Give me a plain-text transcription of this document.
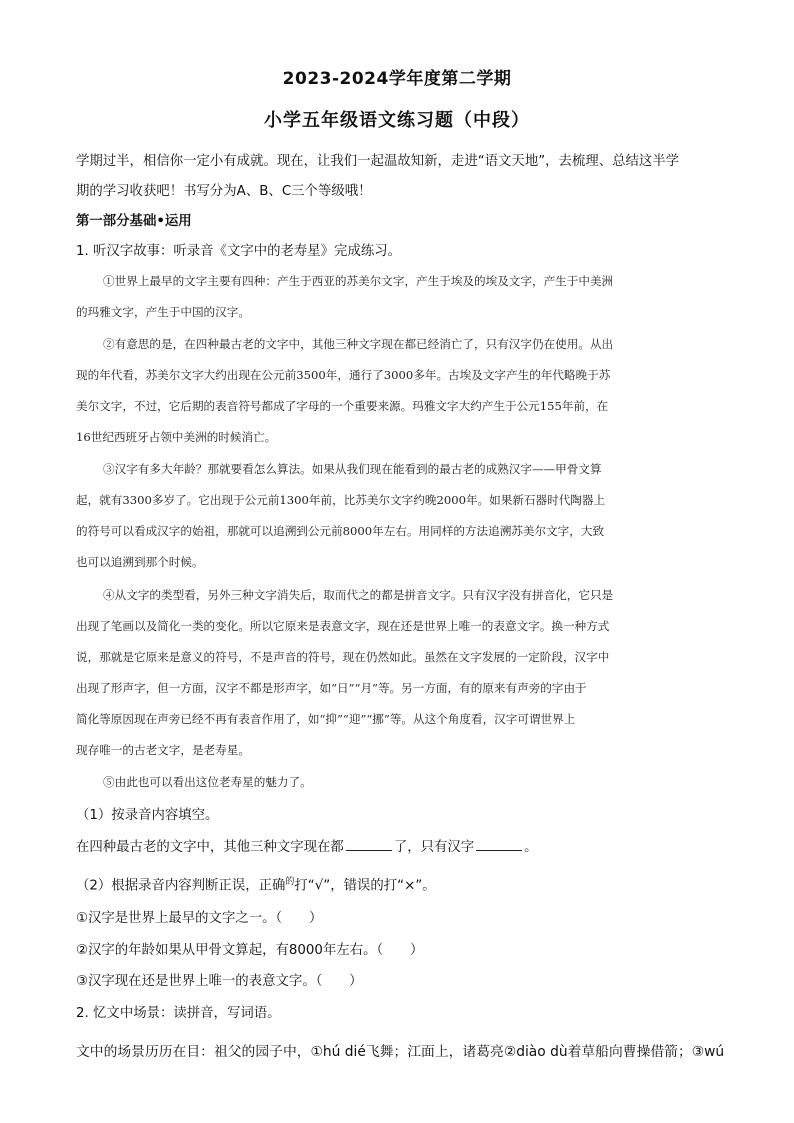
2023-2024学年度第二学期
小学五年级语文练习题（中段）
学期过半，相信你一定小有成就。现在，让我们一起温故知新，走进“语文天地”，去梳理、总结这半学
期的学习收获吧！书写分为A、B、C三个等级哦！
第一部分基础•运用
1. 听汉字故事：听录音《文字中的老寿星》完成练习。
①世界上最早的文字主要有四种：产生于西亚的苏美尔文字，产生于埃及的埃及文字，产生于中美洲
的玛雅文字，产生于中国的汉字。
②有意思的是，在四种最古老的文字中，其他三种文字现在都已经消亡了，只有汉字仍在使用。从出
现的年代看，苏美尔文字大约出现在公元前3500年，通行了3000多年。古埃及文字产生的年代略晚于苏
美尔文字，不过，它后期的表音符号都成了字母的一个重要来源。玛雅文字大约产生于公元155年前，在
16世纪西班牙占领中美洲的时候消亡。
③汉字有多大年龄？那就要看怎么算法。如果从我们现在能看到的最古老的成熟汉字——甲骨文算
起，就有3300多岁了。它出现于公元前1300年前，比苏美尔文字约晚2000年。如果新石器时代陶器上
的符号可以看成汉字的始祖，那就可以追溯到公元前8000年左右。用同样的方法追溯苏美尔文字，大致
也可以追溯到那个时候。
④从文字的类型看，另外三种文字消失后，取而代之的都是拼音文字。只有汉字没有拼音化，它只是
出现了笔画以及简化一类的变化。所以它原来是表意文字，现在还是世界上唯一的表意文字。换一种方式
说，那就是它原来是意义的符号，不是声音的符号，现在仍然如此。虽然在文字发展的一定阶段，汉字中
出现了形声字，但一方面，汉字不都是形声字，如“日”“月”等。另一方面，有的原来有声旁的字由于
简化等原因现在声旁已经不再有表音作用了，如“抑”“迎”“挪”等。从这个角度看，汉字可谓世界上
现存唯一的古老文字，是老寿星。
⑤由此也可以看出这位老寿星的魅力了。
（1）按录音内容填空。
在四种最古老的文字中，其他三种文字现在都	了，只有汉字	。
（2）根据录音内容判断正误，正确$^的$打“√”，错误的打“×”。
①汉字是世界上最早的文字之一。（　　）
②汉字的年龄如果从甲骨文算起，有8000年左右。（　　）
③汉字现在还是世界上唯一的表意文字。（　　）
2. 忆文中场景：读拼音，写词语。
文中的场景历历在目：祖父的园子中，①hú dié飞舞；江面上，诸葛亮②diào dù着草船向曹操借箭；③wú
